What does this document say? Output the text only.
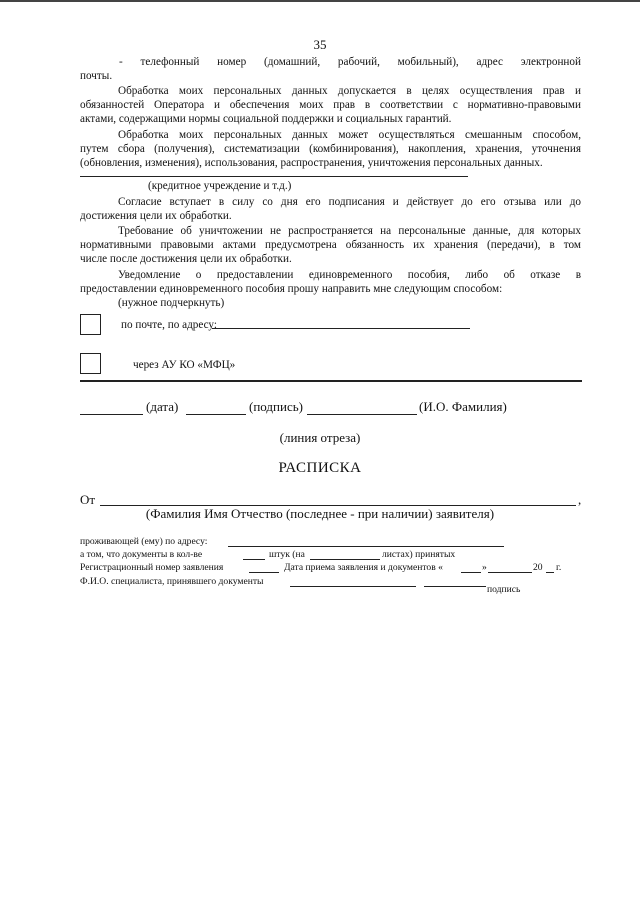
35
- телефонный номер (домашний, рабочий, мобильный), адрес электронной
почты.
Обработка моих персональных данных допускается в целях осуществления прав и
обязанностей Оператора и обеспечения моих прав в соответствии с нормативно-правовыми
актами, содержащими нормы социальной поддержки и социальных гарантий.
Обработка моих персональных данных может осуществляться смешанным способом,
путем сбора (получения), систематизации (комбинирования), накопления, хранения, уточнения
(обновления, изменения), использования, распространения, уничтожения персональных данных.
(кредитное учреждение и т.д.)
Согласие вступает в силу со дня его подписания и действует до его отзыва или до
достижения цели их обработки.
Требование об уничтожении не распространяется на персональные данные, для которых
нормативными правовыми актами предусмотрена обязанность их хранения (передачи), в том
числе после достижения цели их обработки.
Уведомление о предоставлении единовременного пособия, либо об отказе в
предоставлении единовременного пособия прошу направить мне следующим способом:
(нужное подчеркнуть)
по почте, по адресу:
через АУ КО «МФЦ»
(дата)	(подпись)	(И.О. Фамилия)
(линия отреза)
РАСПИСКА
От	,
(Фамилия Имя Отчество (последнее - при наличии) заявителя)
проживающей (ему) по адресу:
а том, что документы в кол-ве	штук (на	листах) принятых
Регистрационный номер заявления	Дата приема заявления и документов «	»	20 г.
Ф.И.О. специалиста, принявшего документы
подпись
